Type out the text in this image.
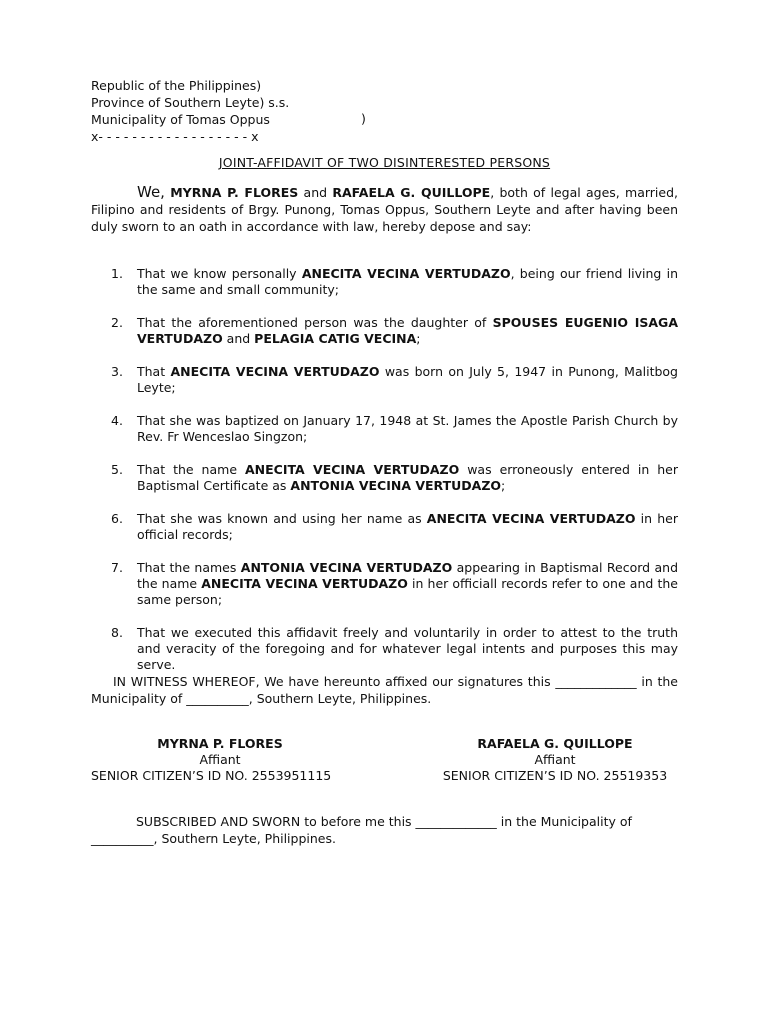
Republic of the Philippines)
Province of Southern Leyte) s.s.
Municipality of Tomas Oppus	)
x- - - - - - - - - - - - - - - - - - x
JOINT-AFFIDAVIT OF TWO DISINTERESTED PERSONS
We, MYRNA P. FLORES and RAFAELA G. QUILLOPE, both of legal ages, married, Filipino and residents of Brgy. Punong, Tomas Oppus, Southern Leyte and after having been duly sworn to an oath in accordance with law, hereby depose and say:
1. That we know personally ANECITA VECINA VERTUDAZO, being our friend living in the same and small community;
2. That the aforementioned person was the daughter of SPOUSES EUGENIO ISAGA VERTUDAZO and PELAGIA CATIG VECINA;
3. That ANECITA VECINA VERTUDAZO was born on July 5, 1947 in Punong, Malitbog Leyte;
4. That she was baptized on January 17, 1948 at St. James the Apostle Parish Church by Rev. Fr Wenceslao Singzon;
5. That the name ANECITA VECINA VERTUDAZO was erroneously entered in her Baptismal Certificate as ANTONIA VECINA VERTUDAZO;
6. That she was known and using her name as ANECITA VECINA VERTUDAZO in her official records;
7. That the names ANTONIA VECINA VERTUDAZO appearing in Baptismal Record and the name ANECITA VECINA VERTUDAZO in her officiall records refer to one and the same person;
8. That we executed this affidavit freely and voluntarily in order to attest to the truth and veracity of the foregoing and for whatever legal intents and purposes this may serve.
IN WITNESS WHEREOF, We have hereunto affixed our signatures this _____________ in the Municipality of __________, Southern Leyte, Philippines.
MYRNA P. FLORES
Affiant
SENIOR CITIZEN’S ID NO. 2553951115
RAFAELA G. QUILLOPE
Affiant
SENIOR CITIZEN’S ID NO. 25519353
SUBSCRIBED AND SWORN to before me this _____________ in the Municipality of __________, Southern Leyte, Philippines.
